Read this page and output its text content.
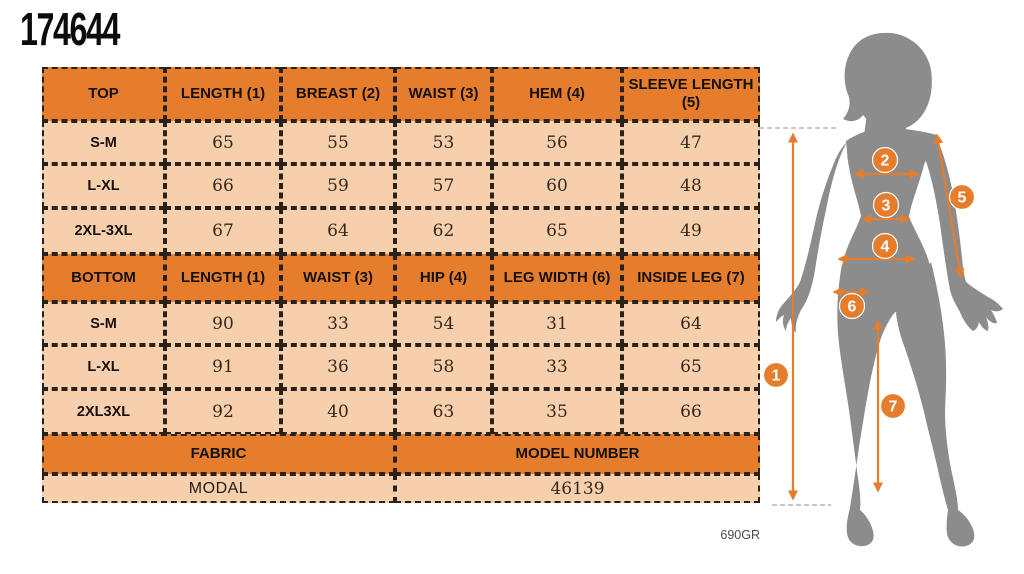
174644
TOP	LENGTH (1)	BREAST (2)	WAIST (3)	HEM (4)	SLEEVE LENGTH (5)
S-M	65	55	53	56	47
L-XL	66	59	57	60	48
2XL-3XL	67	64	62	65	49
BOTTOM	LENGTH (1)	WAIST (3)	HIP (4)	LEG WIDTH (6)	INSIDE LEG (7)
S-M	90	33	54	31	64
L-XL	91	36	58	33	65
2XL3XL	92	40	63	35	66
FABRIC			MODEL NUMBER		
MODAL			46139		
690GR
1
2
3
4
5
6
7
